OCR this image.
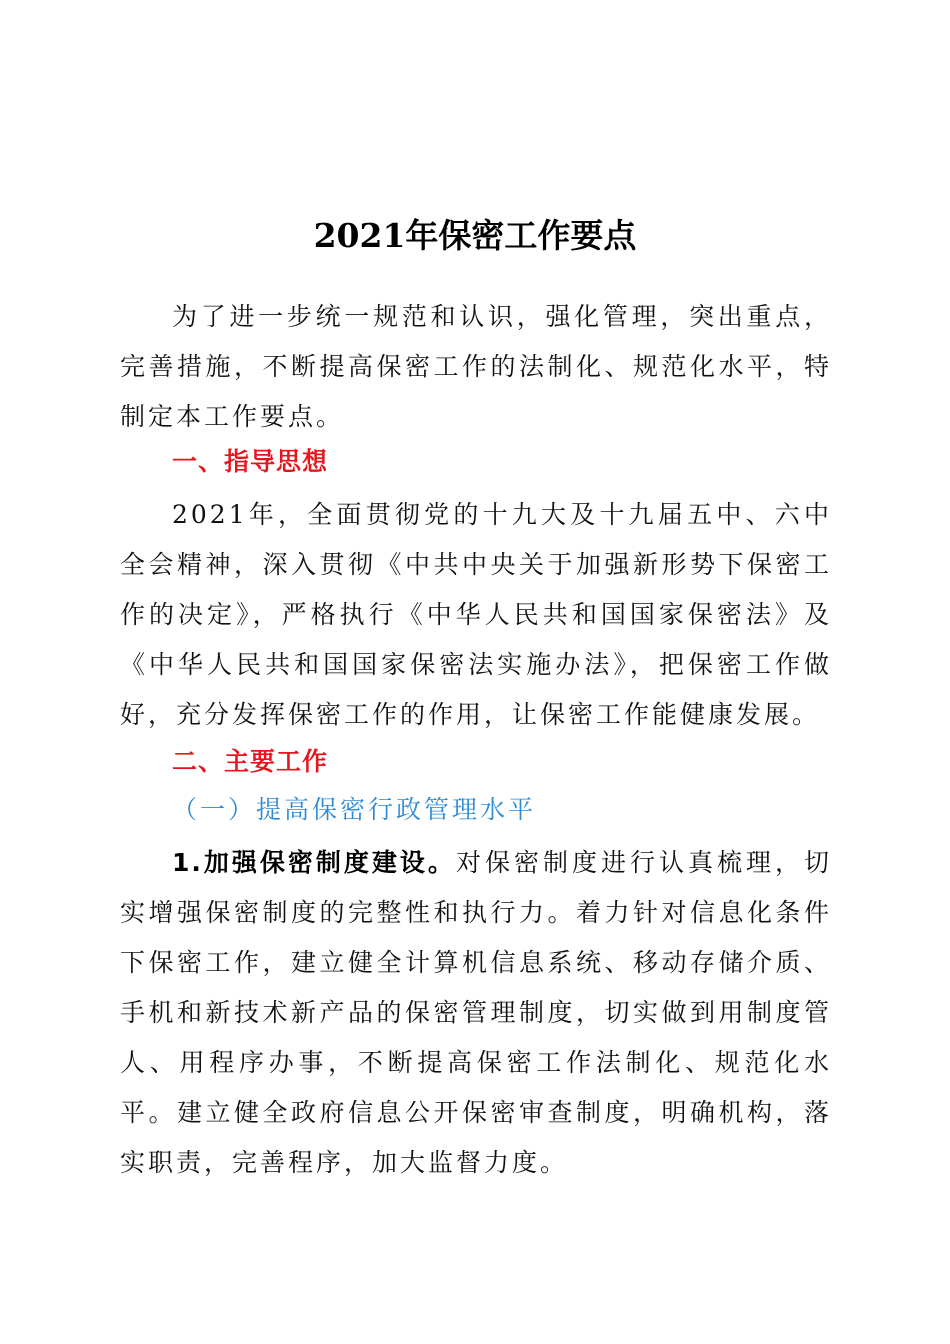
2021年保密工作要点

为了进一步统一规范和认识，强化管理，突出重点，完善措施，不断提高保密工作的法制化、规范化水平，特制定本工作要点。

一、指导思想

2021年，全面贯彻党的十九大及十九届五中、六中全会精神，深入贯彻《中共中央关于加强新形势下保密工作的决定》，严格执行《中华人民共和国国家保密法》及《中华人民共和国国家保密法实施办法》，把保密工作做好，充分发挥保密工作的作用，让保密工作能健康发展。

二、主要工作
（一）提高保密行政管理水平

1.加强保密制度建设。对保密制度进行认真梳理，切实增强保密制度的完整性和执行力。着力针对信息化条件下保密工作，建立健全计算机信息系统、移动存储介质、手机和新技术新产品的保密管理制度，切实做到用制度管人、用程序办事，不断提高保密工作法制化、规范化水平。建立健全政府信息公开保密审查制度，明确机构，落实职责，完善程序，加大监督力度。
